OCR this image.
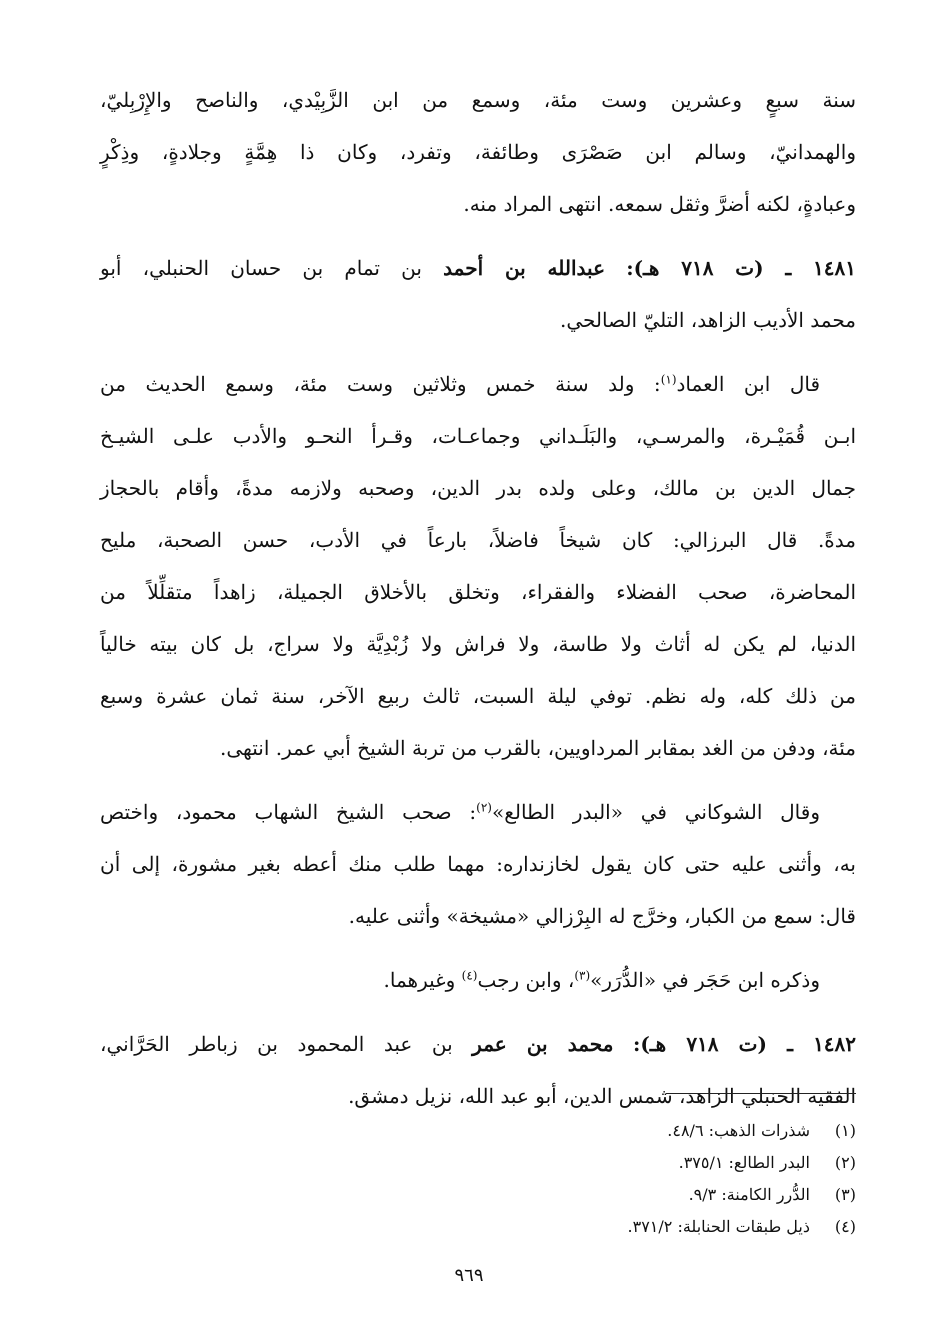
سنة سبعٍ وعشرين وست مئة، وسمع من ابن الزَّبِيْدي، والناصح والإِرْبِليّ،
والهمدانيّ، وسالم ابن صَصْرَى وطائفة، وتفرد، وكان ذا هِمَّةٍ وجلادةٍ، وذِكْرٍ
وعبادةٍ، لكنه أضرَّ وثقل سمعه. انتهى المراد منه.
١٤٨١ ـ (ت ٧١٨ هـ): عبدالله بن أحمد بن تمام بن حسان الحنبلي، أبو
محمد الأديب الزاهد، التليّ الصالحي.
قال ابن العماد$^{(١)}$: ولد سنة خمس وثلاثين وست مئة، وسمع الحديث من
ابـن قُمَيْـرة، والمرسـي، والبَلَـداني وجماعـات، وقـرأ النحـو والأدب علـى الشيـخ
جمال الدين بن مالك، وعلى ولده بدر الدين، وصحبه ولازمه مدةً، وأقام بالحجاز
مدةً. قال البرزالي: كان شيخاً فاضلاً، بارعاً في الأدب، حسن الصحبة، مليح
المحاضرة، صحب الفضلاء والفقراء، وتخلق بالأخلاق الجميلة، زاهداً متقلِّلاً من
الدنيا، لم يكن له أثاث ولا طاسة، ولا فراش ولا زُبْدِيَّة ولا سراج، بل كان بيته خالياً
من ذلك كله، وله نظم. توفي ليلة السبت، ثالث ربيع الآخر، سنة ثمان عشرة وسبع
مئة، ودفن من الغد بمقابر المرداويين، بالقرب من تربة الشيخ أبي عمر. انتهى.
وقال الشوكاني في «البدر الطالع»$^{(٢)}$: صحب الشيخ الشهاب محمود، واختص
به، وأثنى عليه حتى كان يقول لخازنداره: مهما طلب منك أعطه بغير مشورة، إلى أن
قال: سمع من الكبار، وخرَّج له البِرْزالي «مشيخة» وأثنى عليه.
وذكره ابن حَجَر في «الدُّرَر»$^{(٣)}$، وابن رجب$^{(٤)}$ وغيرهما.
١٤٨٢ ـ (ت ٧١٨ هـ): محمد بن عمر بن عبد المحمود بن زباطر الحَرَّاني،
الفقيه الحنبلي الزاهد، شمس الدين، أبو عبد الله، نزيل دمشق.
(١)شذرات الذهب: ٤٨/٦.
(٢)البدر الطالع: ٣٧٥/١.
(٣)الدُّرر الكامنة: ٩/٣.
(٤)ذيل طبقات الحنابلة: ٣٧١/٢.
٩٦٩
